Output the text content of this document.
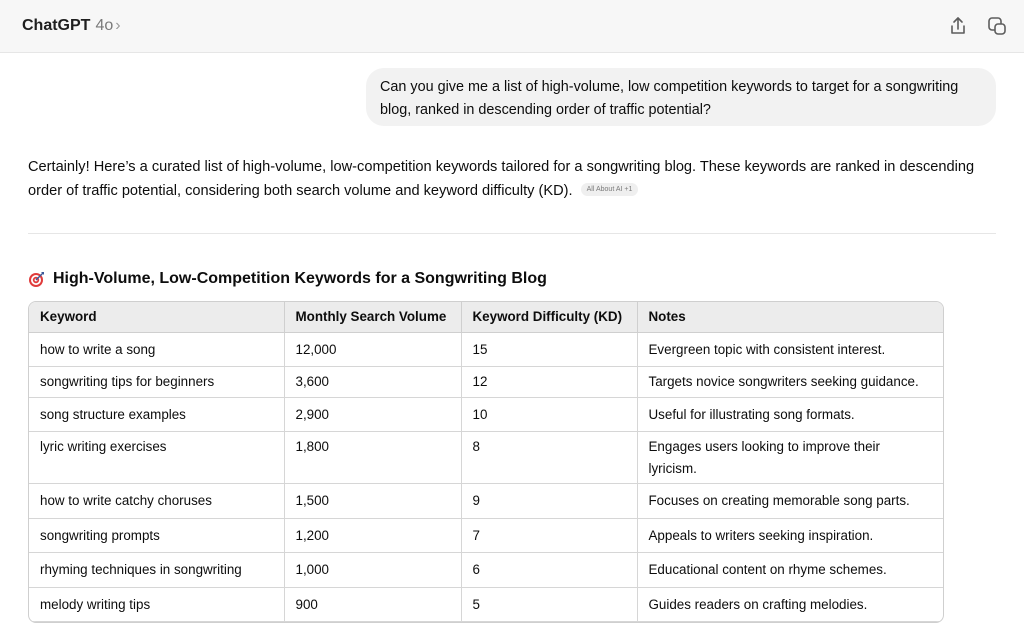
ChatGPT 4o ›
Can you give me a list of high-volume, low competition keywords to target for a songwriting blog, ranked in descending order of traffic potential?
Certainly! Here’s a curated list of high-volume, low-competition keywords tailored for a songwriting blog. These keywords are ranked in descending order of traffic potential, considering both search volume and keyword difficulty (KD). All About AI +1
High-Volume, Low-Competition Keywords for a Songwriting Blog
Keyword	Monthly Search Volume	Keyword Difficulty (KD)	Notes
how to write a song	12,000	15	Evergreen topic with consistent interest.
songwriting tips for beginners	3,600	12	Targets novice songwriters seeking guidance.
song structure examples	2,900	10	Useful for illustrating song formats.
lyric writing exercises	1,800	8	Engages users looking to improve their lyricism.
how to write catchy choruses	1,500	9	Focuses on creating memorable song parts.
songwriting prompts	1,200	7	Appeals to writers seeking inspiration.
rhyming techniques in songwriting	1,000	6	Educational content on rhyme schemes.
melody writing tips	900	5	Guides readers on crafting melodies.
